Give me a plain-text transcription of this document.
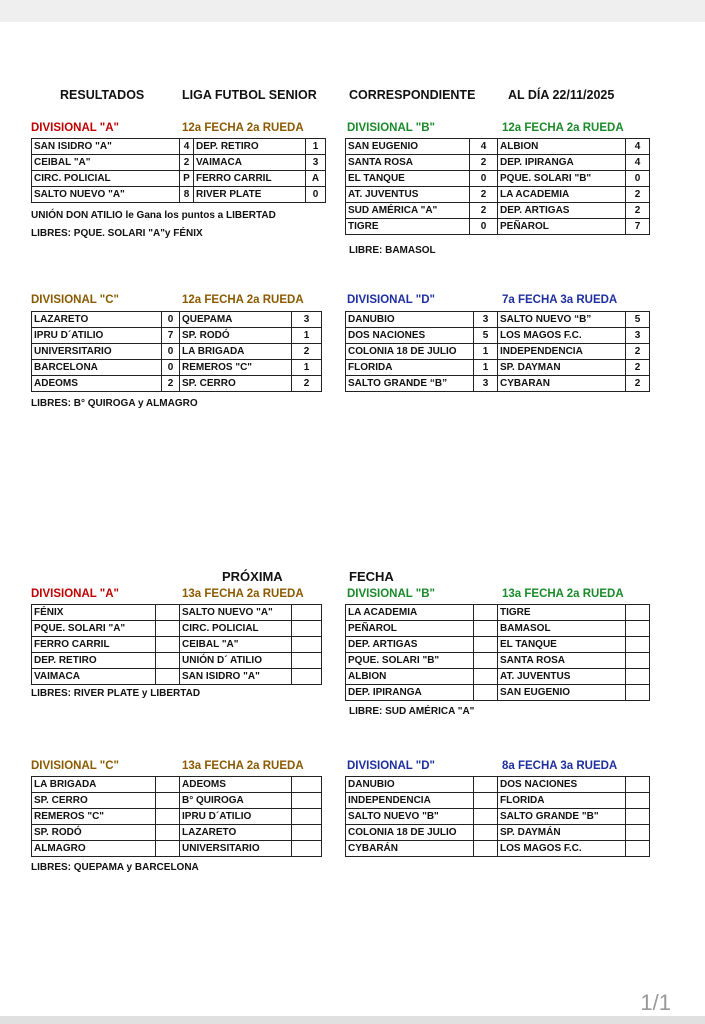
RESULTADOS	LIGA FUTBOL SENIOR	CORRESPONDIENTE	AL DÍA 22/11/2025
DIVISIONAL "A"	12a FECHA 2a RUEDA
SAN ISIDRO "A"	4	DEP. RETIRO	1
CEIBAL "A"	2	VAIMACA	3
CIRC. POLICIAL	P	FERRO CARRIL	A
SALTO NUEVO "A"	8	RIVER PLATE	0
UNIÓN DON ATILIO le Gana los puntos a LIBERTAD
LIBRES: PQUE. SOLARI "A"y FÉNIX
DIVISIONAL "B"	12a FECHA 2a RUEDA
SAN EUGENIO	4	ALBION	4
SANTA ROSA	2	DEP. IPIRANGA	4
EL TANQUE	0	PQUE. SOLARI "B"	0
AT. JUVENTUS	2	LA ACADEMIA	2
SUD AMÉRICA "A"	2	DEP. ARTIGAS	2
TIGRE	0	PEÑAROL	7
LIBRE: BAMASOL
DIVISIONAL "C"	12a FECHA 2a RUEDA
LAZARETO	0	QUEPAMA	3
IPRU D´ATILIO	7	SP. RODÓ	1
UNIVERSITARIO	0	LA BRIGADA	2
BARCELONA	0	REMEROS "C"	1
ADEOMS	2	SP. CERRO	2
LIBRES: B° QUIROGA y ALMAGRO
DIVISIONAL "D"	7a FECHA 3a RUEDA
DANUBIO	3	SALTO NUEVO “B”	5
DOS NACIONES	5	LOS MAGOS F.C.	3
COLONIA 18 DE JULIO	1	INDEPENDENCIA	2
FLORIDA	1	SP. DAYMAN	2
SALTO GRANDE “B”	3	CYBARAN	2
PRÓXIMA	FECHA
DIVISIONAL "A"	13a FECHA 2a RUEDA
FÉNIX		SALTO NUEVO "A"	
PQUE. SOLARI "A"		CIRC. POLICIAL	
FERRO CARRIL		CEIBAL "A"	
DEP. RETIRO		UNIÓN D´ ATILIO	
VAIMACA		SAN ISIDRO "A"	
LIBRES: RIVER PLATE y LIBERTAD
DIVISIONAL "B"	13a FECHA 2a RUEDA
LA ACADEMIA		TIGRE	
PEÑAROL		BAMASOL	
DEP. ARTIGAS		EL TANQUE	
PQUE. SOLARI "B"		SANTA ROSA	
ALBION		AT. JUVENTUS	
DEP. IPIRANGA		SAN EUGENIO	
LIBRE: SUD AMÉRICA "A"
DIVISIONAL "C"	13a FECHA 2a RUEDA
LA BRIGADA		ADEOMS	
SP. CERRO		B° QUIROGA	
REMEROS "C"		IPRU D´ATILIO	
SP. RODÓ		LAZARETO	
ALMAGRO		UNIVERSITARIO	
LIBRES: QUEPAMA y BARCELONA
DIVISIONAL "D"	8a FECHA 3a RUEDA
DANUBIO		DOS NACIONES	
INDEPENDENCIA		FLORIDA	
SALTO NUEVO "B"		SALTO GRANDE "B"	
COLONIA 18 DE JULIO		SP. DAYMÁN	
CYBARÁN		LOS MAGOS F.C.	
1/1
